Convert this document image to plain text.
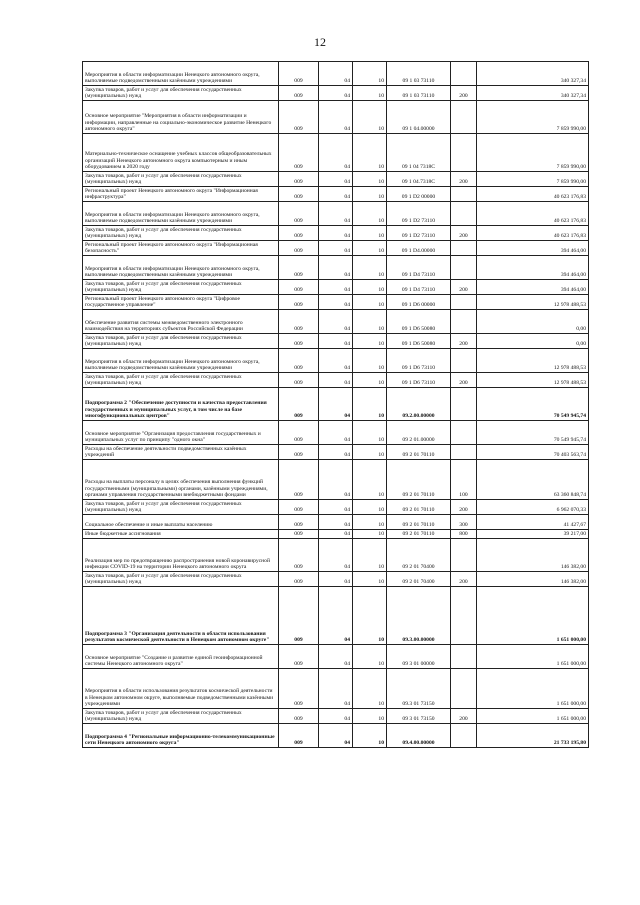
12
Мероприятия в области информатизации Ненецкого автономного округа, выполняемые подведомственными казёнными учреждениями	009	04	10	09 1 03 73110		340 327,34
Закупка товаров, работ и услуг для обеспечения государственных (муниципальных) нужд	009	04	10	09 1 03 73110	200	340 327,34
Основное мероприятие "Мероприятия в области информатизации и информации, направленные на социально-экономическое развитие Ненецкого автономного округа"	009	04	10	09 1 04.00000		7 859 990,00
Материально-техническое оснащение учебных классов общеобразовательных организаций Ненецкого автономного округа компьютерным и иным оборудованием в 2020 году	009	04	10	09 1 04 7318С		7 859 990,00
Закупка товаров, работ и услуг для обеспечения государственных (муниципальных) нужд	009	04	10	09 1 04.7318С	200	7 859 990,00
Региональный проект Ненецкого автономного округа "Информационная инфраструктура"	009	04	10	09 1 D2 00000		40 623 176,83
Мероприятия в области информатизации Ненецкого автономного округа, выполняемые подведомственными казёнными учреждениями	009	04	10	09 1 D2 73110		40 623 176,83
Закупка товаров, работ и услуг для обеспечения государственных (муниципальных) нужд	009	04	10	09 1 D2 73110	200	40 623 176,83
Региональный проект Ненецкого автономного округа "Информационная безопасность"	009	04	10	09 1 D4.00000		394 464,00
Мероприятия в области информатизации Ненецкого автономного округа, выполняемые подведомственными казёнными учреждениями	009	04	10	09 1 D4 73110		394 464,00
Закупка товаров, работ и услуг для обеспечения государственных (муниципальных) нужд	009	04	10	09 1 D4 73110	200	394 464,00
Региональный проект Ненецкого автономного округа "Цифровое государственное управление"	009	04	10	09 1 D6 00000		12 978 488,53
Обеспечение развития системы межведомственного электронного взаимодействия на территориях субъектов Российской Федерации	009	04	10	09 1 D6 50080		0,00
Закупка товаров, работ и услуг для обеспечения государственных (муниципальных) нужд	009	04	10	09 1 D6 50080	200	0,00
Мероприятия в области информатизации Ненецкого автономного округа, выполняемые подведомственными казёнными учреждениями	009	04	10	09 1 D6 73110		12 978 488,53
Закупка товаров, работ и услуг для обеспечения государственных (муниципальных) нужд	009	04	10	09 1 D6 73110	200	12 978 488,53
Подпрограмма 2 "Обеспечение доступности и качества предоставления государственных и муниципальных услуг, в том числе на базе многофункциональных центров"	009	04	10	09.2.00.00000		70 549 945,74
Основное мероприятие "Организация предоставления государственных и муниципальных услуг по принципу "одного окна"	009	04	10	09 2 01.00000		70 549 945,74
Расходы на обеспечение деятельности подведомственных казённых учреждений	009	04	10	09 2 01 70110		70 403 563,74
Расходы на выплаты персоналу в целях обеспечения выполнения функций государственными (муниципальными) органами, казёнными учреждениями, органами управления государственными внебюджетными фондами	009	04	10	09 2 01 70110	100	63 360 848,74
Закупка товаров, работ и услуг для обеспечения государственных (муниципальных) нужд	009	04	10	09 2 01 70110	200	6 962 070,33
Социальное обеспечение и иные выплаты населению	009	04	10	09 2 01 70110	300	41 427,67
Иные бюджетные ассигнования	009	04	10	09 2 01 70110	800	39 217,00
Реализация мер по предотвращению распространения новой коронавирусной инфекции COVID-19 на территории Ненецкого автономного округа	009	04	10	09 2 01 70400		146 382,00
Закупка товаров, работ и услуг для обеспечения государственных (муниципальных) нужд	009	04	10	09 2 01 70400	200	146 382,00
Подпрограмма 3 "Организация деятельности в области использования результатов космической деятельности в Ненецком автономном округе"	009	04	10	09.3.00.00000		1 651 000,00
Основное мероприятие "Создание и развитие единой геоинформационной системы Ненецкого автономного округа"	009	04	10	09 3 01 00000		1 651 000,00
Мероприятия в области использования результатов космической деятельности в Ненецком автономном округе, выполняемые подведомственными казёнными учреждениями	009	04	10	09.3 01 73150		1 651 000,00
Закупка товаров, работ и услуг для обеспечения государственных (муниципальных) нужд	009	04	10	09 3 01 73150	200	1 651 000,00
Подпрограмма 4 "Региональные информационно-телекоммуникационные сети Ненецкого автономного округа"	009	04	10	09.4.00.00000		21 733 195,80
